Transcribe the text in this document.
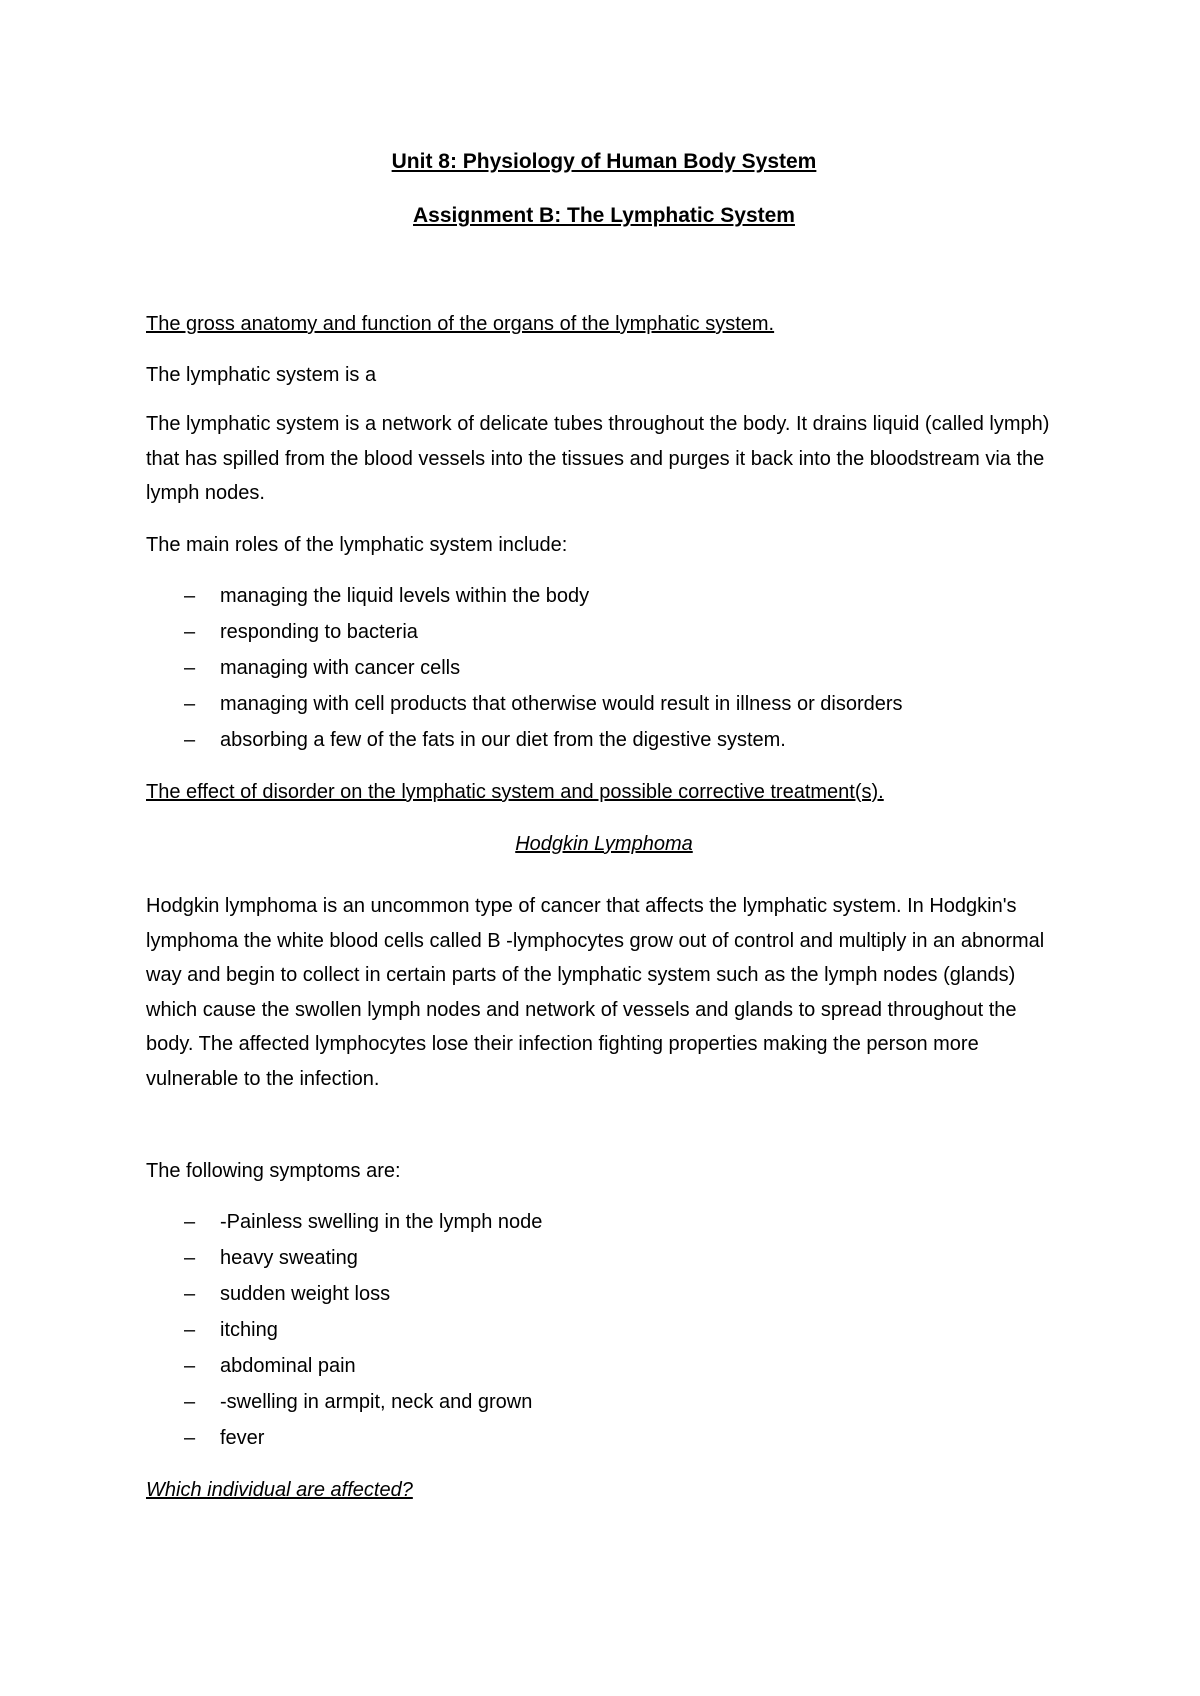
Unit 8: Physiology of Human Body System

Assignment B: The Lymphatic System

The gross anatomy and function of the organs of the lymphatic system.

The lymphatic system is a

The lymphatic system is a network of delicate tubes throughout the body. It drains liquid (called lymph) that has spilled from the blood vessels into the tissues and purges it back into the bloodstream via the lymph nodes.

The main roles of the lymphatic system include:

– managing the liquid levels within the body
– responding to bacteria
– managing with cancer cells
– managing with cell products that otherwise would result in illness or disorders
– absorbing a few of the fats in our diet from the digestive system.

The effect of disorder on the lymphatic system and possible corrective treatment(s).

Hodgkin Lymphoma

Hodgkin lymphoma is an uncommon type of cancer that affects the lymphatic system. In Hodgkin's lymphoma the white blood cells called B -lymphocytes grow out of control and multiply in an abnormal way and begin to collect in certain parts of the lymphatic system such as the lymph nodes (glands) which cause the swollen lymph nodes and network of vessels and glands to spread throughout the body. The affected lymphocytes lose their infection fighting properties making the person more vulnerable to the infection.

The following symptoms are:

– -Painless swelling in the lymph node
– heavy sweating
– sudden weight loss
– itching
– abdominal pain
– -swelling in armpit, neck and grown
– fever

Which individual are affected?
